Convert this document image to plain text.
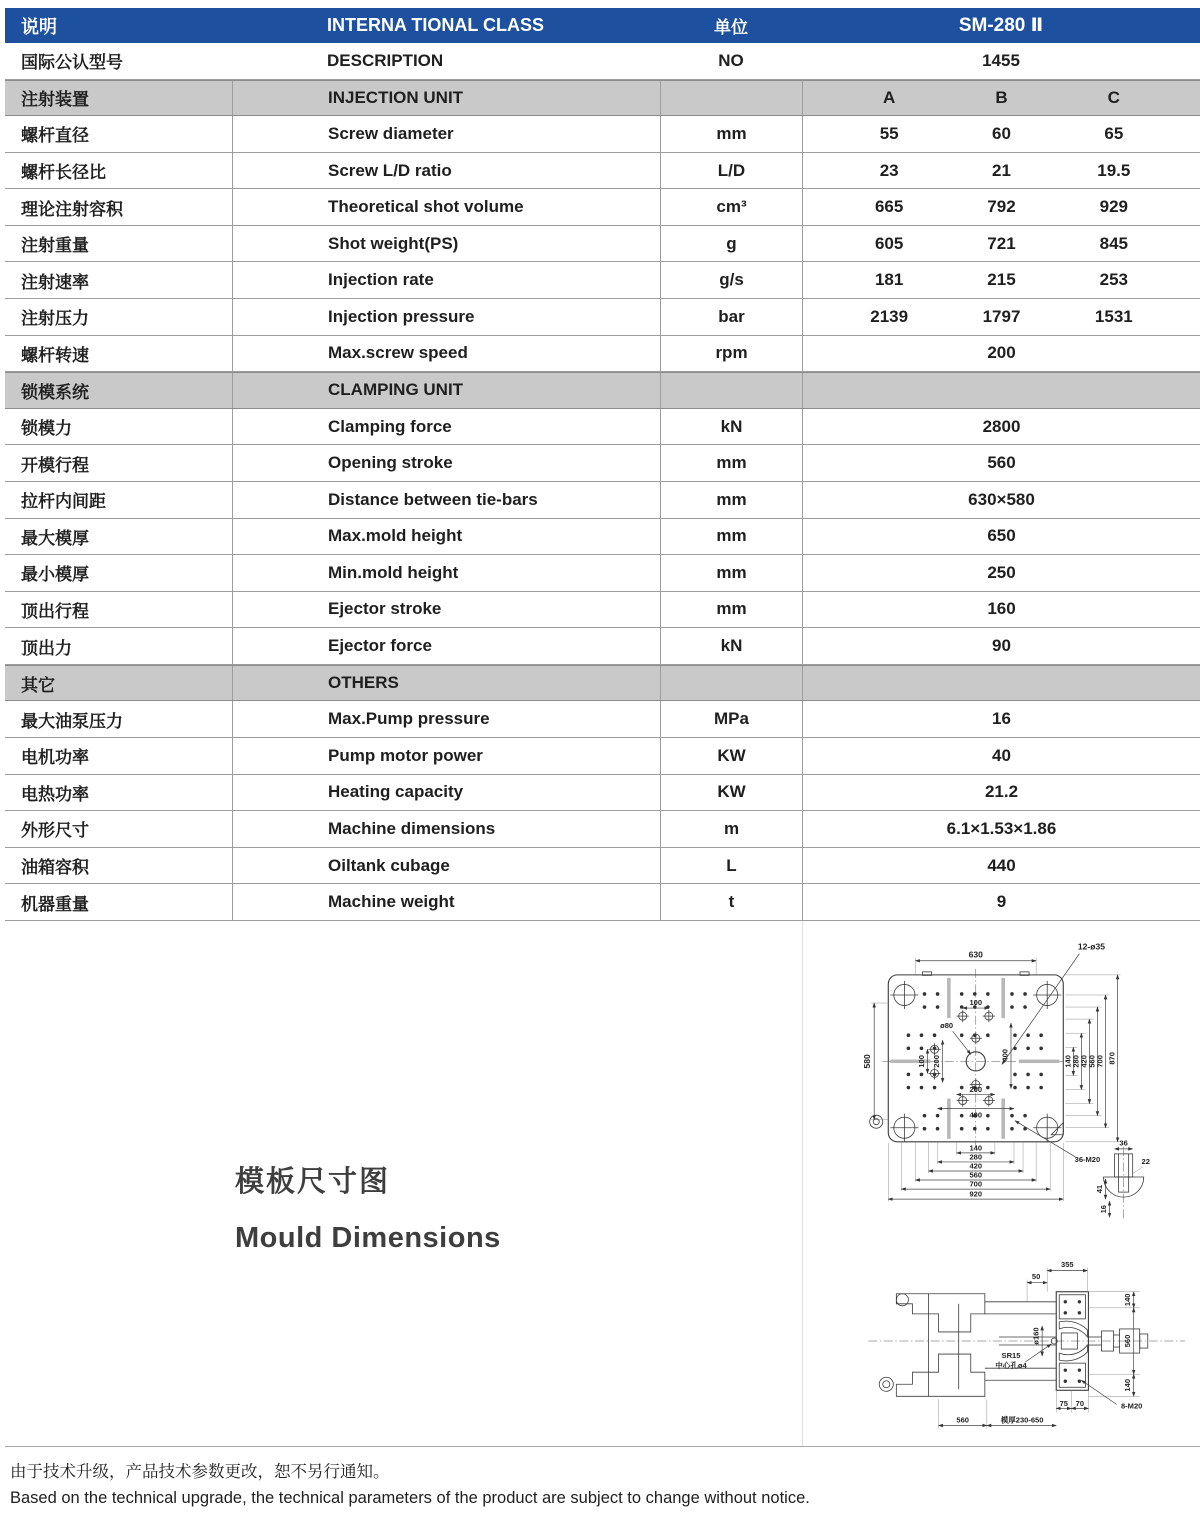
说明	INTERNA TIONAL CLASS	单位	SM-280 Ⅱ
国际公认型号	DESCRIPTION	NO	1455
注射装置	INJECTION UNIT	A	B	C
螺杆直径	Screw diameter	mm	55	60	65
螺杆长径比	Screw L/D ratio	L/D	23	21	19.5
理论注射容积	Theoretical shot volume	cm³	665	792	929
注射重量	Shot weight(PS)	g	605	721	845
注射速率	Injection rate	g/s	181	215	253
注射压力	Injection pressure	bar	2139	1797	1531
螺杆转速	Max.screw speed	rpm	200
锁模系统	CLAMPING UNIT
锁模力	Clamping force	kN	2800
开模行程	Opening stroke	mm	560
拉杆内间距	Distance between tie-bars	mm	630×580
最大模厚	Max.mold height	mm	650
最小模厚	Min.mold height	mm	250
顶出行程	Ejector stroke	mm	160
顶出力	Ejector force	kN	90
其它	OTHERS
最大油泵压力	Max.Pump pressure	MPa	16
电机功率	Pump motor power	KW	40
电热功率	Heating capacity	KW	21.2
外形尺寸	Machine dimensions	m	6.1×1.53×1.86
油箱容积	Oiltank cubage	L	440
机器重量	Machine weight	t	9
模板尺寸图
Mould Dimensions
630
12-ø35
580
100
ø80
200
100
200
400
400	140 280 420 560 700 870
140
280
420
560
700
920
36-M20
36
22
41
16
355
50
140
560
140
ø160
SR15
中心孔ø4
75 70	8-M20
560	模厚230-650
由于技术升级，产品技术参数更改，恕不另行通知。
Based on the technical upgrade, the technical parameters of the product are subject to change without notice.
